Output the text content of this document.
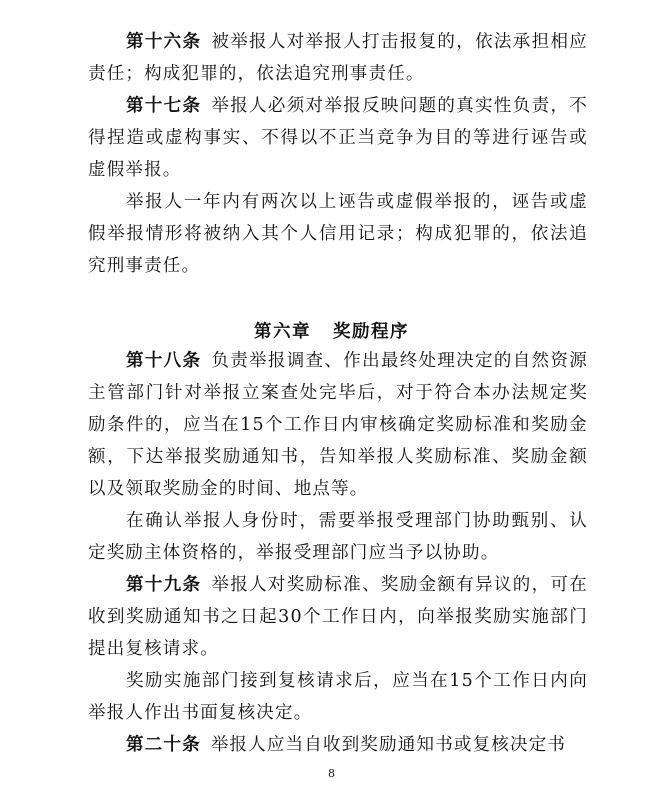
第十六条 被举报人对举报人打击报复的，依法承担相应责任；构成犯罪的，依法追究刑事责任。

第十七条 举报人必须对举报反映问题的真实性负责，不得捏造或虚构事实、不得以不正当竞争为目的等进行诬告或虚假举报。

举报人一年内有两次以上诬告或虚假举报的，诬告或虚假举报情形将被纳入其个人信用记录；构成犯罪的，依法追究刑事责任。

第六章 奖励程序

第十八条 负责举报调查、作出最终处理决定的自然资源主管部门针对举报立案查处完毕后，对于符合本办法规定奖励条件的，应当在15个工作日内审核确定奖励标准和奖励金额，下达举报奖励通知书，告知举报人奖励标准、奖励金额以及领取奖励金的时间、地点等。

在确认举报人身份时，需要举报受理部门协助甄别、认定奖励主体资格的，举报受理部门应当予以协助。

第十九条 举报人对奖励标准、奖励金额有异议的，可在收到奖励通知书之日起30个工作日内，向举报奖励实施部门提出复核请求。

奖励实施部门接到复核请求后，应当在15个工作日内向举报人作出书面复核决定。

第二十条 举报人应当自收到奖励通知书或复核决定书

8
